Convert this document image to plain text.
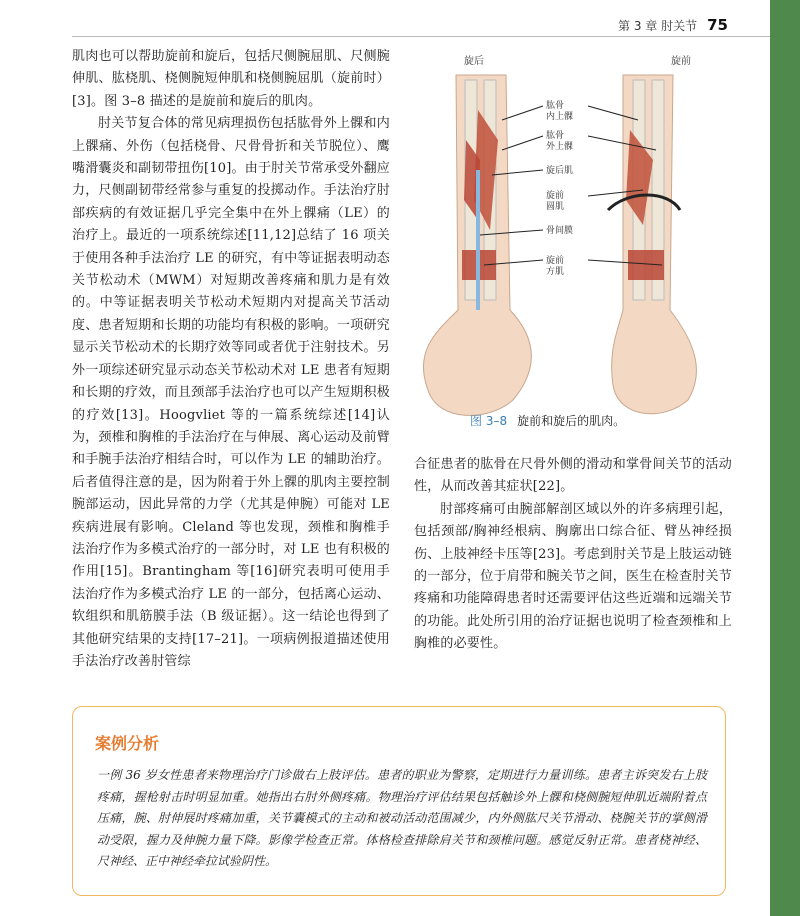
第 3 章 肘关节 75

肌肉也可以帮助旋前和旋后，包括尺侧腕屈肌、尺侧腕伸肌、肱桡肌、桡侧腕短伸肌和桡侧腕屈肌（旋前时）[3]。图 3–8 描述的是旋前和旋后的肌肉。

肘关节复合体的常见病理损伤包括肱骨外上髁和内上髁痛、外伤（包括桡骨、尺骨骨折和关节脱位）、鹰嘴滑囊炎和副韧带扭伤[10]。由于肘关节常承受外翻应力，尺侧副韧带经常参与重复的投掷动作。手法治疗肘部疾病的有效证据几乎完全集中在外上髁痛（LE）的治疗上。最近的一项系统综述[11,12]总结了 16 项关于使用各种手法治疗 LE 的研究，有中等证据表明动态关节松动术（MWM）对短期改善疼痛和肌力是有效的。中等证据表明关节松动术短期内对提高关节活动度、患者短期和长期的功能均有积极的影响。一项研究显示关节松动术的长期疗效等同或者优于注射技术。另外一项综述研究显示动态关节松动术对 LE 患者有短期和长期的疗效，而且颈部手法治疗也可以产生短期积极的疗效[13]。Hoogvliet 等的一篇系统综述[14]认为，颈椎和胸椎的手法治疗在与伸展、离心运动及前臂和手腕手法治疗相结合时，可以作为 LE 的辅助治疗。后者值得注意的是，因为附着于外上髁的肌肉主要控制腕部运动，因此异常的力学（尤其是伸腕）可能对 LE 疾病进展有影响。Cleland 等也发现，颈椎和胸椎手法治疗作为多模式治疗的一部分时，对 LE 也有积极的作用[15]。Brantingham 等[16]研究表明可使用手法治疗作为多模式治疗 LE 的一部分，包括离心运动、软组织和肌筋膜手法（B 级证据）。这一结论也得到了其他研究结果的支持[17–21]。一项病例报道描述使用手法治疗改善肘管综

旋后	旋前
肱骨内上髁
肱骨外上髁
旋后肌
旋前圆肌
骨间膜
旋前方肌
图 3–8 旋前和旋后的肌肉。

合征患者的肱骨在尺骨外侧的滑动和掌骨间关节的活动性，从而改善其症状[22]。

肘部疼痛可由腕部解剖区域以外的许多病理引起，包括颈部/胸神经根病、胸廓出口综合征、臂丛神经损伤、上肢神经卡压等[23]。考虑到肘关节是上肢运动链的一部分，位于肩带和腕关节之间，医生在检查肘关节疼痛和功能障碍患者时还需要评估这些近端和远端关节的功能。此处所引用的治疗证据也说明了检查颈椎和上胸椎的必要性。

案例分析
一例 36 岁女性患者来物理治疗门诊做右上肢评估。患者的职业为警察，定期进行力量训练。患者主诉突发右上肢疼痛，握枪射击时明显加重。她指出右肘外侧疼痛。物理治疗评估结果包括触诊外上髁和桡侧腕短伸肌近端附着点压痛，腕、肘伸展时疼痛加重，关节囊模式的主动和被动活动范围减少，内外侧肱尺关节滑动、桡腕关节的掌侧滑动受限，握力及伸腕力量下降。影像学检查正常。体格检查排除肩关节和颈椎问题。感觉反射正常。患者桡神经、尺神经、正中神经牵拉试验阴性。
